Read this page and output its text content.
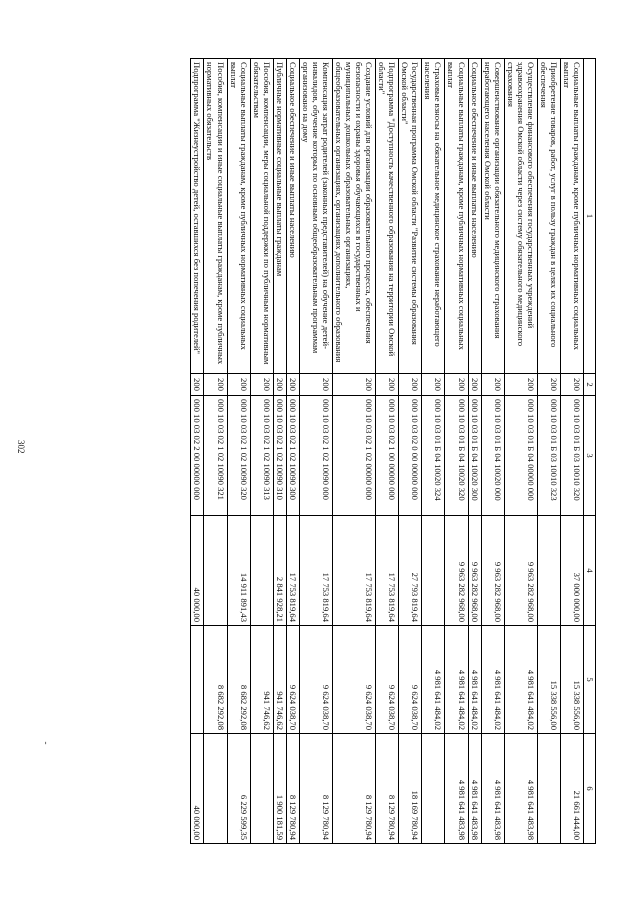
302
-
1	2	3	4	5	6
Социальные выплаты гражданам, кроме публичных нормативных социальных выплат	200	000 10 03 01 Б 03 10010 320	37 000 000,00	15 338 556,00	21 661 444,00
Приобретение товаров, работ, услуг в пользу граждан в целях их социального обеспечения	200	000 10 03 01 Б 03 10010 323		15 338 556,00	
Осуществление финансового обеспечения государственных учреждений здравоохранения Омской области через систему обязательного медицинского страхования	200	000 10 03 01 Б 04 00000 000	9 963 282 968,00	4 981 641 484,02	4 981 641 483,98
Совершенствование организации обязательного медицинского страхования неработающего населения Омской области	200	000 10 03 01 Б 04 10020 000	9 963 282 968,00	4 981 641 484,02	4 981 641 483,98
Социальное обеспечение и иные выплаты населению	200	000 10 03 01 Б 04 10020 300	9 963 282 968,00	4 981 641 484,02	4 981 641 483,98
Социальные выплаты гражданам, кроме публичных нормативных социальных выплат	200	000 10 03 01 Б 04 10020 320	9 963 282 968,00	4 981 641 484,02	4 981 641 483,98
Страховые взносы на обязательное медицинское страхование неработающего населения	200	000 10 03 01 Б 04 10020 324		4 981 641 484,02	
Государственная программа Омской области "Развитие системы образования Омской области"	200	000 10 03 02 0 00 00000 000	27 793 819,64	9 624 038,70	18 169 780,94
Подпрограмма "Доступность качественного образования на территории Омской области"	200	000 10 03 02 1 00 00000 000	17 753 819,64	9 624 038,70	8 129 780,94
Создание условий для организации образовательного процесса, обеспечения безопасности и охраны здоровья обучающихся в государственных и муниципальных дошкольных образовательных организациях, общеобразовательных организациях, организациях дополнительного образования	200	000 10 03 02 1 02 00000 000	17 753 819,64	9 624 038,70	8 129 780,94
Компенсация затрат родителей (законных представителей) на обучение детей-инвалидов, обучение которых по основным общеобразовательным программам организовано на дому	200	000 10 03 02 1 02 10090 000	17 753 819,64	9 624 038,70	8 129 780,94
Социальное обеспечение и иные выплаты населению	200	000 10 03 02 1 02 10090 300	17 753 819,64	9 624 038,70	8 129 780,94
Публичные нормативные социальные выплаты гражданам	200	000 10 03 02 1 02 10090 310	2 841 928,21	941 746,62	1 900 181,59
Пособия, компенсации, меры социальной поддержки по публичным нормативным обязательствам	200	000 10 03 02 1 02 10090 313		941 746,62	
Социальные выплаты гражданам, кроме публичных нормативных социальных выплат	200	000 10 03 02 1 02 10090 320	14 911 891,43	8 682 292,08	6 229 599,35
Пособия, компенсации и иные социальные выплаты гражданам, кроме публичных нормативных обязательств	200	000 10 03 02 1 02 10090 321		8 682 292,08	
Подпрограмма "Жизнеустройство детей, оставшихся без попечения родителей"	200	000 10 03 02 2 00 00000 000	40 000,00		40 000,00
